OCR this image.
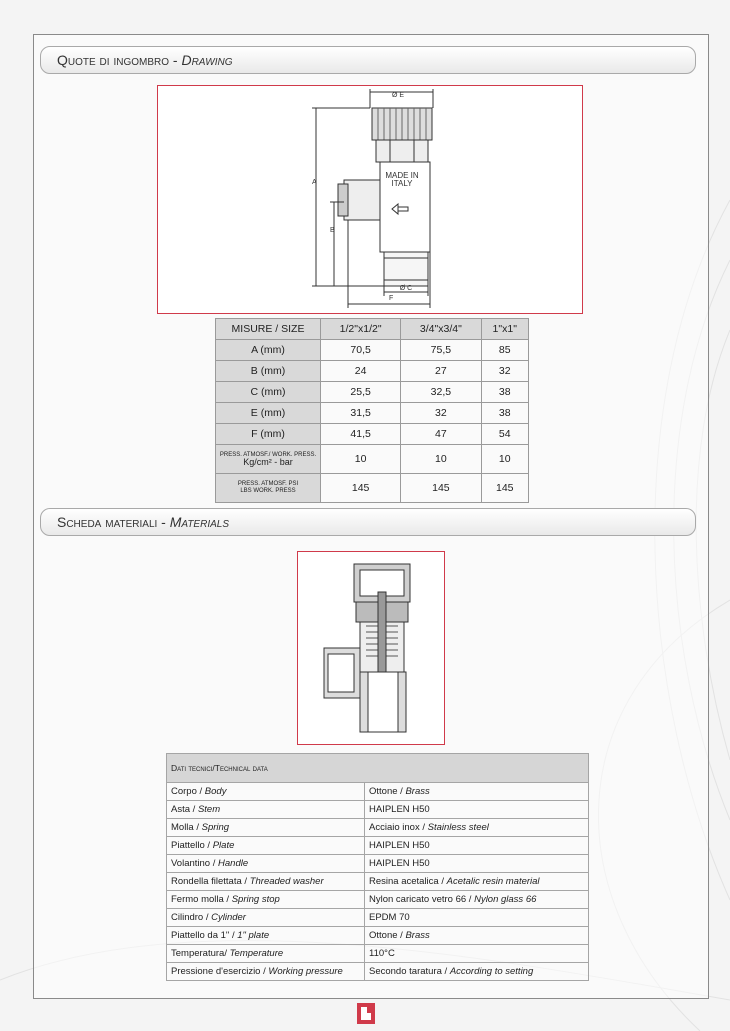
Quote di ingombro - Drawing
Ø E
Ø C
A
B
F
MADE IN
ITALY
MISURE / SIZE	1/2"x1/2"	3/4"x3/4"	1"x1"
A (mm)	70,5	75,5	85
B (mm)	24	27	32
C (mm)	25,5	32,5	38
E (mm)	31,5	32	38
F (mm)	41,5	47	54

PRESS. ATMOSF./ WORK. PRESS.
Kg/cm² - bar	10	10	10

PRESS. ATMOSF. PSI
LBS WORK. PRESS	145	145	145
Scheda materiali - Materials
Dati tecnici/Technical data	
Corpo / Body	Ottone / Brass
Asta / Stem	HAIPLEN H50
Molla / Spring	Acciaio inox / Stainless steel
Piattello / Plate	HAIPLEN H50
Volantino / Handle	HAIPLEN H50
Rondella filettata / Threaded washer	Resina acetalica / Acetalic resin material
Fermo molla / Spring stop	Nylon caricato vetro 66 / Nylon glass 66
Cilindro / Cylinder	EPDM 70
Piattello da 1" / 1" plate	Ottone / Brass
Temperatura/ Temperature	110°C
Pressione d'esercizio / Working pressure	Secondo taratura / According to setting
